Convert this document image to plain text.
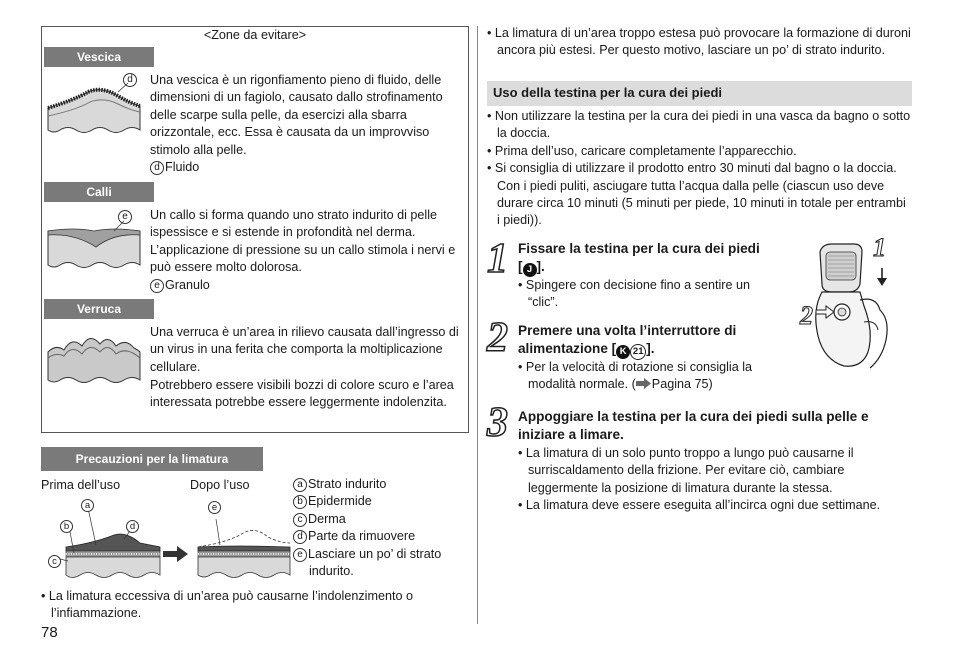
<Zone da evitare>
Vescica
d	Una vescica è un rigonfiamento pieno di fluido, delle dimensioni di un fagiolo, causato dallo strofinamento delle scarpe sulla pelle, da esercizi alla sbarra orizzontale, ecc. Essa è causata da un improvviso stimolo alla pelle.
d Fluido
Calli
e	Un callo si forma quando uno strato indurito di pelle ispessisce e si estende in profondità nel derma. L’applicazione di pressione su un callo stimola i nervi e può essere molto dolorosa.
e Granulo
Verruca
Una verruca è un’area in rilievo causata dall’ingresso di un virus in una ferita che comporta la moltiplicazione cellulare.
Potrebbero essere visibili bozzi di colore scuro e l’area interessata potrebbe essere leggermente indolenzita.
Precauzioni per la limatura
Prima dell’uso	Dopo l’uso
a
b	d
c
e
a Strato indurito
b Epidermide
c Derma
d Parte da rimuovere
e Lasciare un po’ di strato
indurito.
• La limatura eccessiva di un’area può causarne l’indolenzimento o l’infiammazione.
78
• La limatura di un’area troppo estesa può provocare la formazione di duroni ancora più estesi. Per questo motivo, lasciare un po’ di strato indurito.
Uso della testina per la cura dei piedi
• Non utilizzare la testina per la cura dei piedi in una vasca da bagno o sotto la doccia.
• Prima dell’uso, caricare completamente l’apparecchio.
• Si consiglia di utilizzare il prodotto entro 30 minuti dal bagno o la doccia. Con i piedi puliti, asciugare tutta l’acqua dalla pelle (ciascun uso deve durare circa 10 minuti (5 minuti per piede, 10 minuti in totale per entrambi i piedi)).
1 Fissare la testina per la cura dei piedi
[ J ].
• Spingere con decisione fino a sentire un “clic”.
2 Premere una volta l’interruttore di
alimentazione [ K 21 ].
• Per la velocità di rotazione si consiglia la modalità normale. ( Pagina 75)
3 Appoggiare la testina per la cura dei piedi sulla pelle e iniziare a limare.
• La limatura di un solo punto troppo a lungo può causarne il surriscaldamento della frizione. Per evitare ciò, cambiare leggermente la posizione di limatura durante la stessa.
• La limatura deve essere eseguita all’incirca ogni due settimane.
1
2
